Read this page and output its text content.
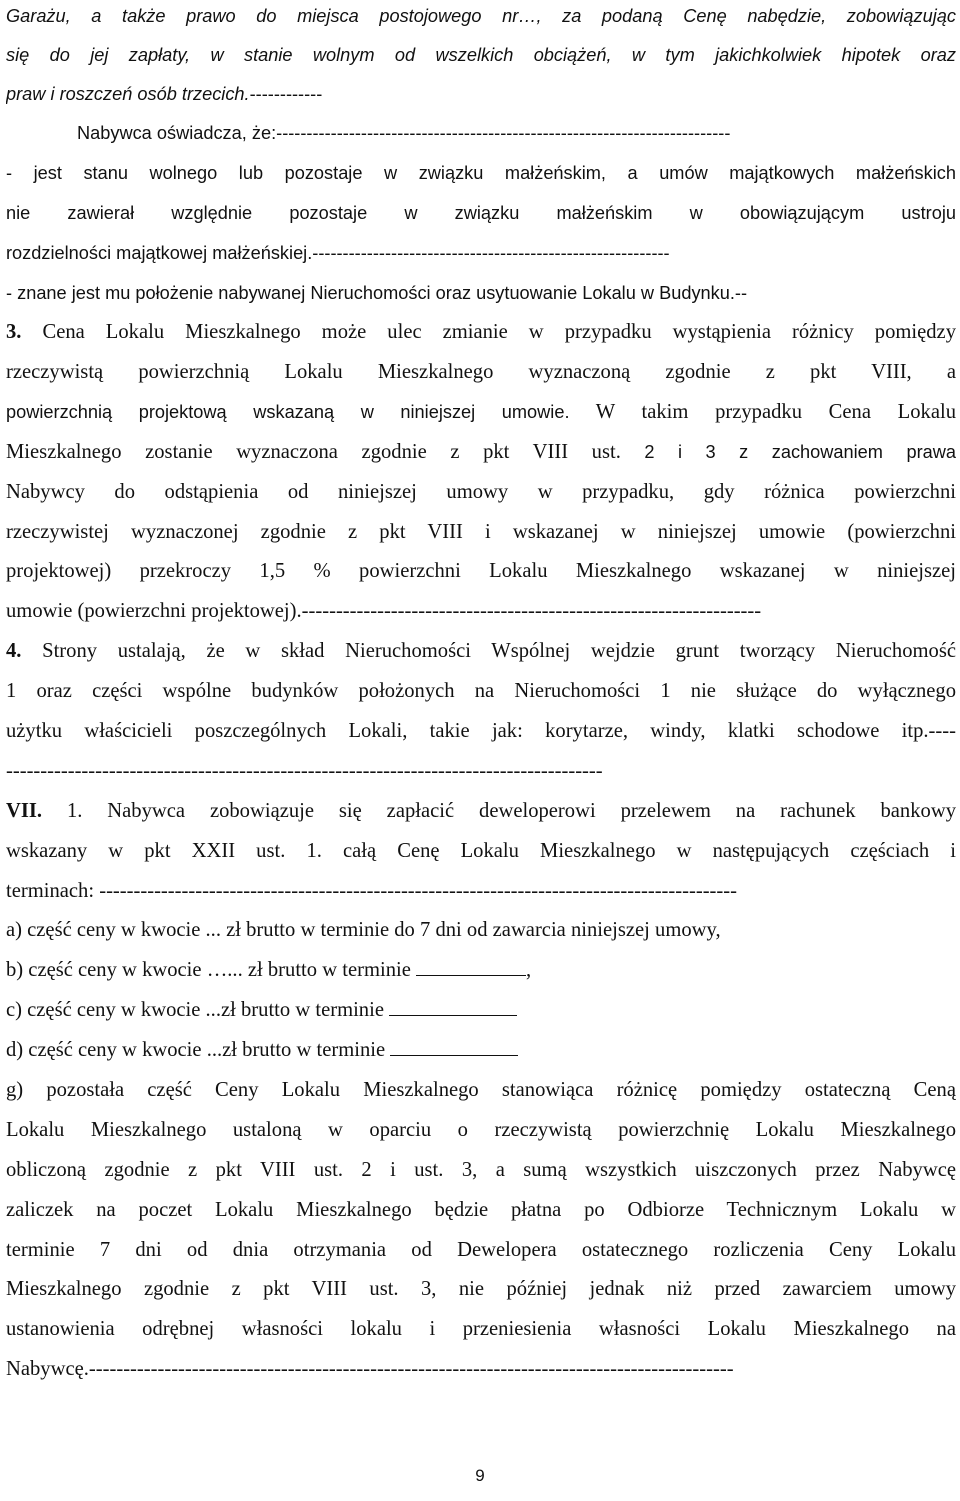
Garażu, a także prawo do miejsca postojowego nr…, za podaną Cenę nabędzie, zobowiązując
się do jej zapłaty, w stanie wolnym od wszelkich obciążeń, w tym jakichkolwiek hipotek oraz
praw i roszczeń osób trzecich.------------
Nabywca oświadcza, że:---------------------------------------------------------------------------
- jest stanu wolnego lub pozostaje w związku małżeńskim, a umów majątkowych małżeńskich
nie zawierał względnie pozostaje w związku małżeńskim w obowiązującym ustroju
rozdzielności majątkowej małżeńskiej.-----------------------------------------------------------
- znane jest mu położenie nabywanej Nieruchomości oraz usytuowanie Lokalu w Budynku.--
3. Cena Lokalu Mieszkalnego może ulec zmianie w przypadku wystąpienia różnicy pomiędzy
rzeczywistą powierzchnią Lokalu Mieszkalnego wyznaczoną zgodnie z pkt VIII, a
powierzchnią projektową wskazaną w niniejszej umowie. W takim przypadku Cena Lokalu
Mieszkalnego zostanie wyznaczona zgodnie z pkt VIII ust. 2 i 3 z zachowaniem prawa
Nabywcy do odstąpienia od niniejszej umowy w przypadku, gdy różnica powierzchni
rzeczywistej wyznaczonej zgodnie z pkt VIII i wskazanej w niniejszej umowie (powierzchni
projektowej) przekroczy 1,5 % powierzchni Lokalu Mieszkalnego wskazanej w niniejszej
umowie (powierzchni projektowej).-------------------------------------------------------------------
4. Strony ustalają, że w skład Nieruchomości Wspólnej wejdzie grunt tworzący Nieruchomość
1 oraz części wspólne budynków położonych na Nieruchomości 1 nie służące do wyłącznego
użytku właścicieli poszczególnych Lokali, takie jak: korytarze, windy, klatki schodowe itp.----
---------------------------------------------------------------------------------------
VII. 1. Nabywca zobowiązuje się zapłacić deweloperowi przelewem na rachunek bankowy
wskazany w pkt XXII ust. 1. całą Cenę Lokalu Mieszkalnego w następujących częściach i
terminach: ---------------------------------------------------------------------------------------------
a) część ceny w kwocie ... zł brutto w terminie do 7 dni od zawarcia niniejszej umowy,
b) część ceny w kwocie …... zł brutto w terminie	,
c) część ceny w kwocie ...zł brutto w terminie
d) część ceny w kwocie ...zł brutto w terminie
g) pozostała część Ceny Lokalu Mieszkalnego stanowiąca różnicę pomiędzy ostateczną Ceną
Lokalu Mieszkalnego ustaloną w oparciu o rzeczywistą powierzchnię Lokalu Mieszkalnego
obliczoną zgodnie z pkt VIII ust. 2 i ust. 3, a sumą wszystkich uiszczonych przez Nabywcę
zaliczek na poczet Lokalu Mieszkalnego będzie płatna po Odbiorze Technicznym Lokalu w
terminie 7 dni od dnia otrzymania od Dewelopera ostatecznego rozliczenia Ceny Lokalu
Mieszkalnego zgodnie z pkt VIII ust. 3, nie później jednak niż przed zawarciem umowy
ustanowienia odrębnej własności lokalu i przeniesienia własności Lokalu Mieszkalnego na
Nabywcę.----------------------------------------------------------------------------------------------
9
